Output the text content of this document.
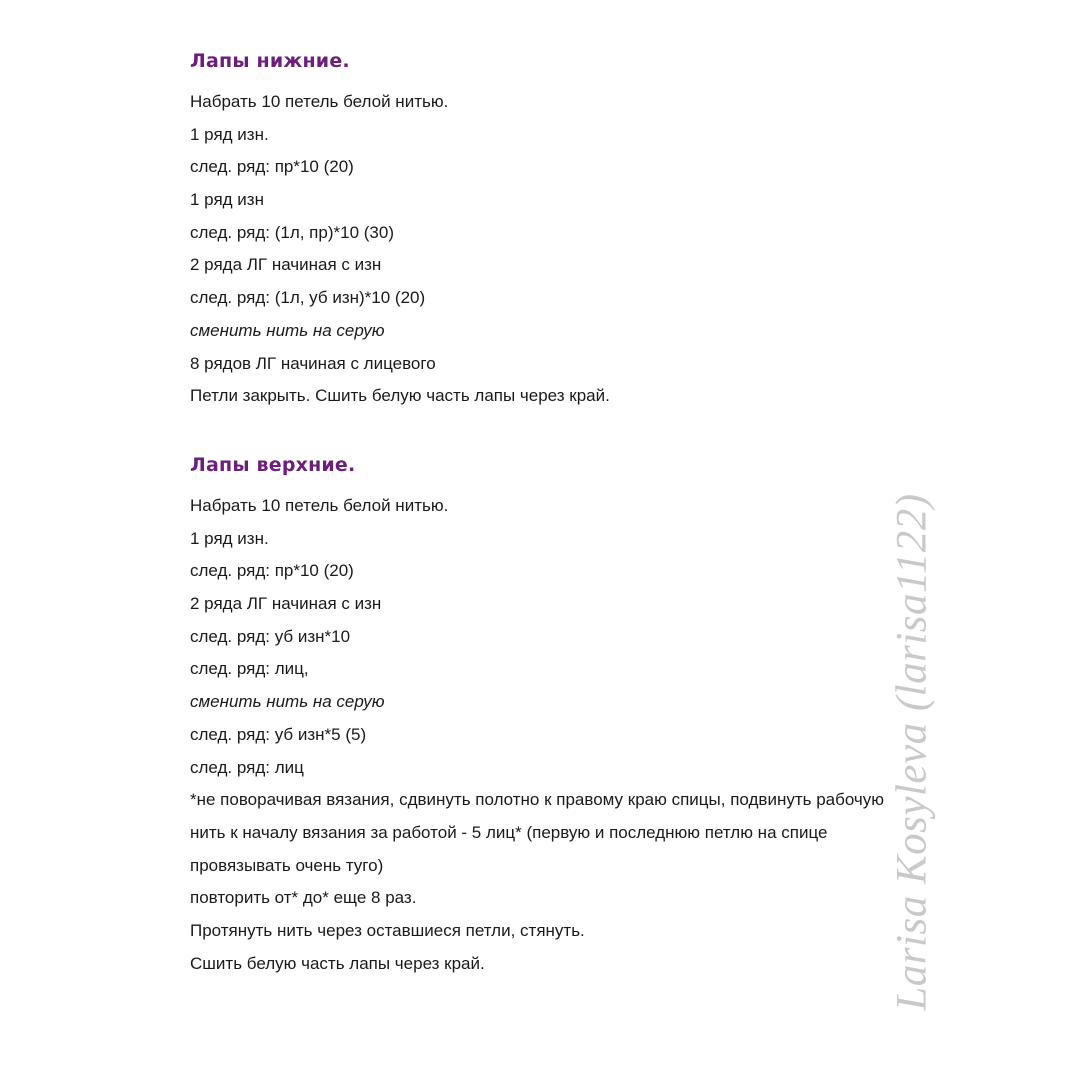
Лапы нижние.
Набрать 10 петель белой нитью.
1 ряд изн.
след. ряд: пр*10 (20)
1 ряд изн
след. ряд: (1л, пр)*10 (30)
2 ряда ЛГ начиная с изн
след. ряд: (1л, уб изн)*10 (20)
сменить нить на серую
8 рядов ЛГ начиная с лицевого
Петли закрыть. Сшить белую часть лапы через край.
Лапы верхние.
Набрать 10 петель белой нитью.
1 ряд изн.
след. ряд: пр*10 (20)
2 ряда ЛГ начиная с изн
след. ряд: уб изн*10
след. ряд: лиц,
сменить нить на серую
след. ряд: уб изн*5 (5)
след. ряд: лиц
*не поворачивая вязания, сдвинуть полотно к правому краю спицы, подвинуть рабочую
нить к началу вязания за работой - 5 лиц* (первую и последнюю петлю на спице
провязывать очень туго)
повторить от* до* еще 8 раз.
Протянуть нить через оставшиеся петли, стянуть.
Сшить белую часть лапы через край.	Larisa Kosyleva (larisa1122)
